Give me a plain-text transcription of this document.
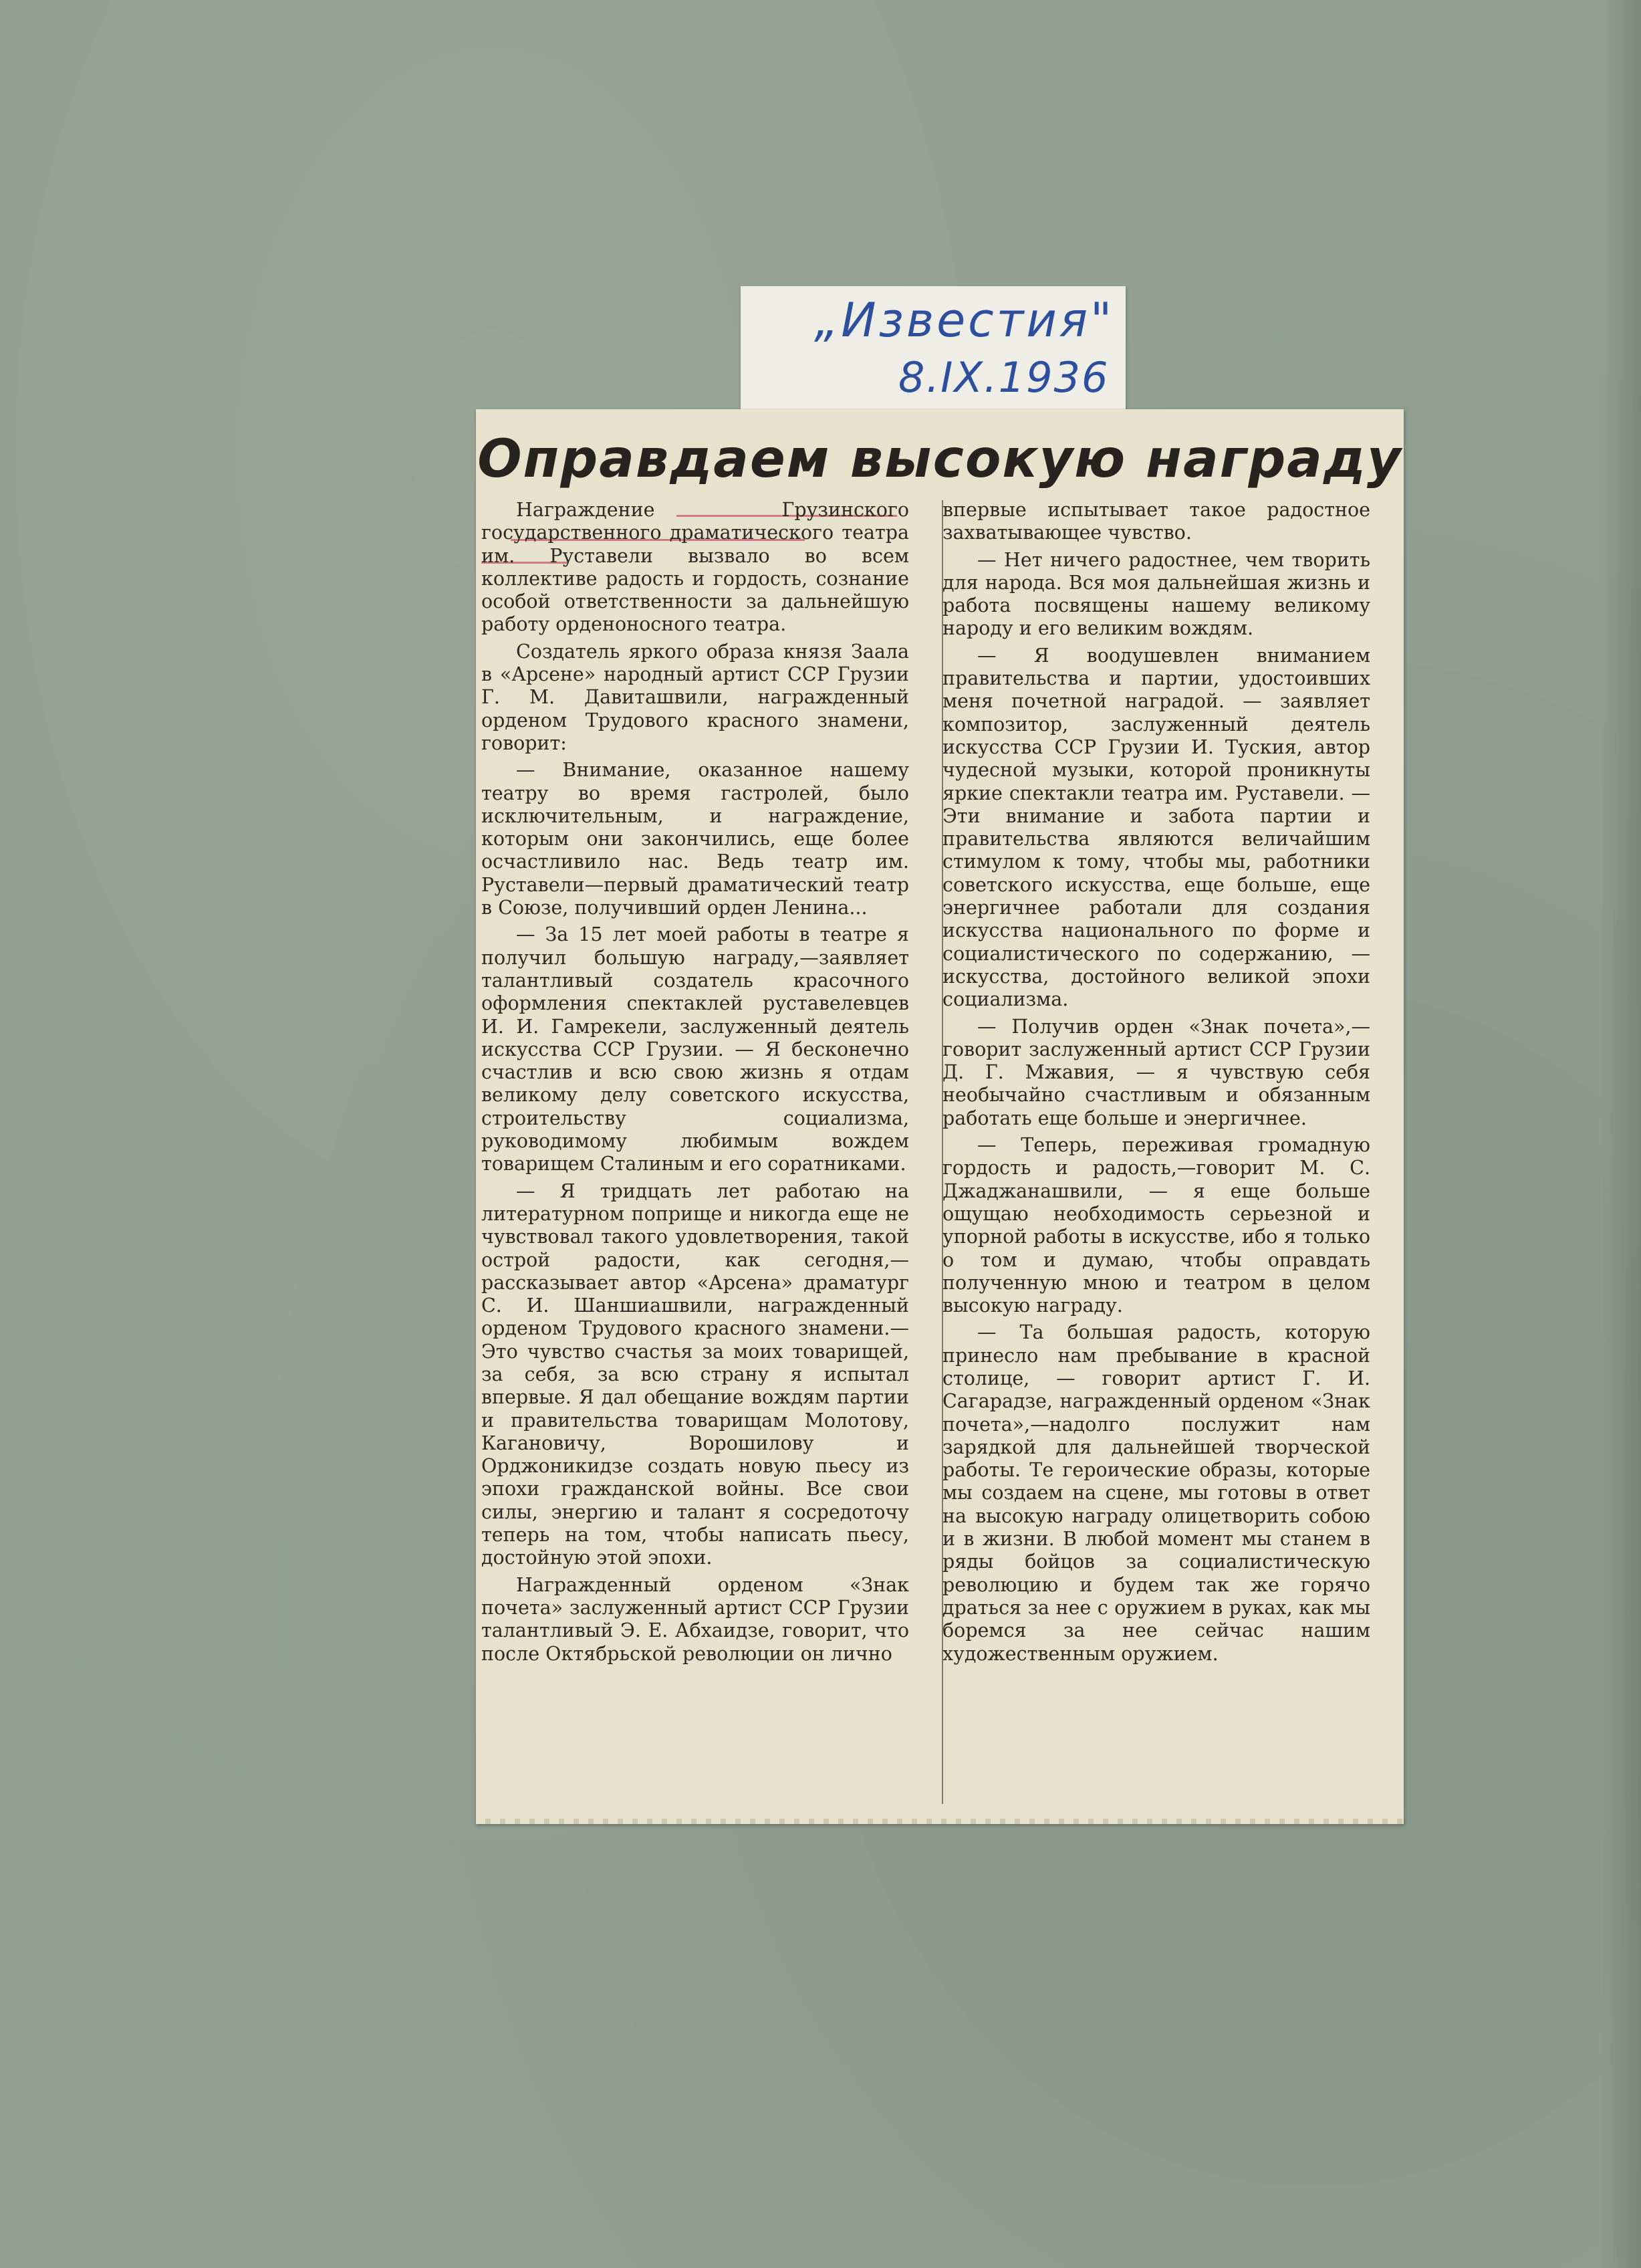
„Известия"
8.IX.1936
Оправдаем высокую награду

Награждение Грузинского государственного драматического театра им. Руставели вызвало во всем коллективе радость и гордость, сознание особой ответственности за дальнейшую работу орденоносного театра.

Создатель яркого образа князя Заала в «Арсене» народный артист ССР Грузии Г. М. Давиташвили, награжденный орденом Трудового красного знамени, говорит:

— Внимание, оказанное нашему театру во время гастролей, было исключительным, и награждение, которым они закончились, еще более осчастливило нас. Ведь театр им. Руставели—первый драматический театр в Союзе, получивший орден Ленина...

— За 15 лет моей работы в театре я получил большую награду,—заявляет талантливый создатель красочного оформления спектаклей руставелевцев И. И. Гамрекели, заслуженный деятель искусства ССР Грузии. — Я бесконечно счастлив и всю свою жизнь я отдам великому делу советского искусства, строительству социализма, руководимому любимым вождем товарищем Сталиным и его соратниками.

— Я тридцать лет работаю на литературном поприще и никогда еще не чувствовал такого удовлетворения, такой острой радости, как сегодня,—рассказывает автор «Арсена» драматург С. И. Шаншиашвили, награжденный орденом Трудового красного знамени.—Это чувство счастья за моих товарищей, за себя, за всю страну я испытал впервые. Я дал обещание вождям партии и правительства товарищам Молотову, Кагановичу, Ворошилову и Орджоникидзе создать новую пьесу из эпохи гражданской войны. Все свои силы, энергию и талант я сосредоточу теперь на том, чтобы написать пьесу, достойную этой эпохи.

Награжденный орденом «Знак почета» заслуженный артист ССР Грузии талантливый Э. Е. Абхаидзе, говорит, что после Октябрьской революции он лично

впервые испытывает такое радостное захватывающее чувство.

— Нет ничего радостнее, чем творить для народа. Вся моя дальнейшая жизнь и работа посвящены нашему великому народу и его великим вождям.

— Я воодушевлен вниманием правительства и партии, удостоивших меня почетной наградой. — заявляет композитор, заслуженный деятель искусства ССР Грузии И. Туския, автор чудесной музыки, которой проникнуты яркие спектакли театра им. Руставели. — Эти внимание и забота партии и правительства являются величайшим стимулом к тому, чтобы мы, работники советского искусства, еще больше, еще энергичнее работали для создания искусства национального по форме и социалистического по содержанию, — искусства, достойного великой эпохи социализма.

— Получив орден «Знак почета»,— говорит заслуженный артист ССР Грузии Д. Г. Мжавия, — я чувствую себя необычайно счастливым и обязанным работать еще больше и энергичнее.

— Теперь, переживая громадную гордость и радость,—говорит М. С. Джаджанашвили, — я еще больше ощущаю необходимость серьезной и упорной работы в искусстве, ибо я только о том и думаю, чтобы оправдать полученную мною и театром в целом высокую награду.

— Та большая радость, которую принесло нам пребывание в красной столице, — говорит артист Г. И. Сагарадзе, награжденный орденом «Знак почета»,—надолго послужит нам зарядкой для дальнейшей творческой работы. Те героические образы, которые мы создаем на сцене, мы готовы в ответ на высокую награду олицетворить собою и в жизни. В любой момент мы станем в ряды бойцов за социалистическую революцию и будем так же горячо драться за нее с оружием в руках, как мы боремся за нее сейчас нашим художественным оружием.
